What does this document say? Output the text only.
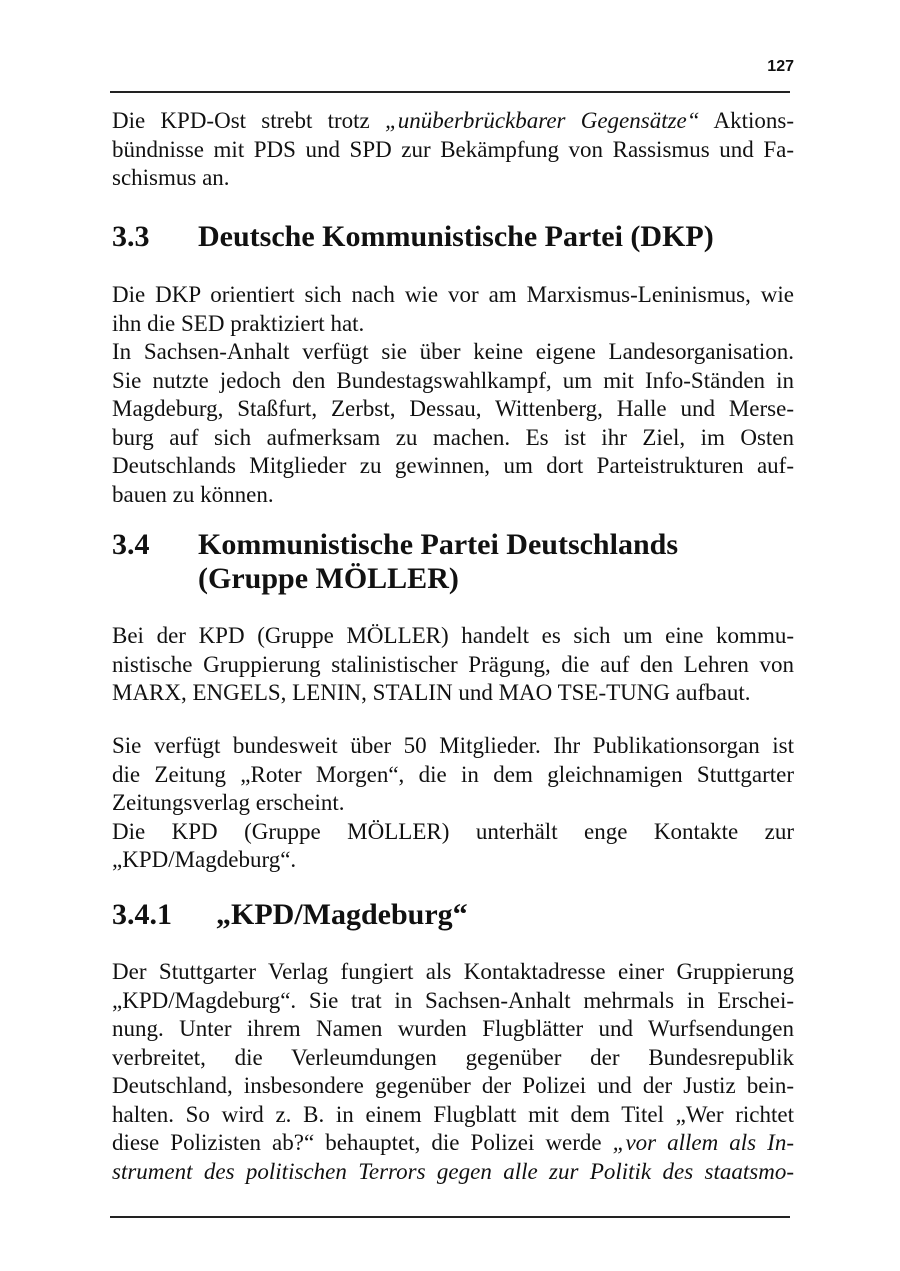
127
Die KPD-Ost strebt trotz „unüberbrückbarer Gegensätze“ Aktions-
bündnisse mit PDS und SPD zur Bekämpfung von Rassismus und Fa-
schismus an.
3.3 Deutsche Kommunistische Partei (DKP)
Die DKP orientiert sich nach wie vor am Marxismus-Leninismus, wie
ihn die SED praktiziert hat.
In Sachsen-Anhalt verfügt sie über keine eigene Landesorganisation.
Sie nutzte jedoch den Bundestagswahlkampf, um mit Info-Ständen in
Magdeburg, Staßfurt, Zerbst, Dessau, Wittenberg, Halle und Merse-
burg auf sich aufmerksam zu machen. Es ist ihr Ziel, im Osten
Deutschlands Mitglieder zu gewinnen, um dort Parteistrukturen auf-
bauen zu können.
3.4 Kommunistische Partei Deutschlands
(Gruppe MÖLLER)
Bei der KPD (Gruppe MÖLLER) handelt es sich um eine kommu-
nistische Gruppierung stalinistischer Prägung, die auf den Lehren von
MARX, ENGELS, LENIN, STALIN und MAO TSE-TUNG aufbaut.
Sie verfügt bundesweit über 50 Mitglieder. Ihr Publikationsorgan ist
die Zeitung „Roter Morgen“, die in dem gleichnamigen Stuttgarter
Zeitungsverlag erscheint.
Die KPD (Gruppe MÖLLER) unterhält enge Kontakte zur
„KPD/Magdeburg“.
3.4.1 „KPD/Magdeburg“
Der Stuttgarter Verlag fungiert als Kontaktadresse einer Gruppierung
„KPD/Magdeburg“. Sie trat in Sachsen-Anhalt mehrmals in Erschei-
nung. Unter ihrem Namen wurden Flugblätter und Wurfsendungen
verbreitet, die Verleumdungen gegenüber der Bundesrepublik
Deutschland, insbesondere gegenüber der Polizei und der Justiz bein-
halten. So wird z. B. in einem Flugblatt mit dem Titel „Wer richtet
diese Polizisten ab?“ behauptet, die Polizei werde „vor allem als In-
strument des politischen Terrors gegen alle zur Politik des staatsmo-
